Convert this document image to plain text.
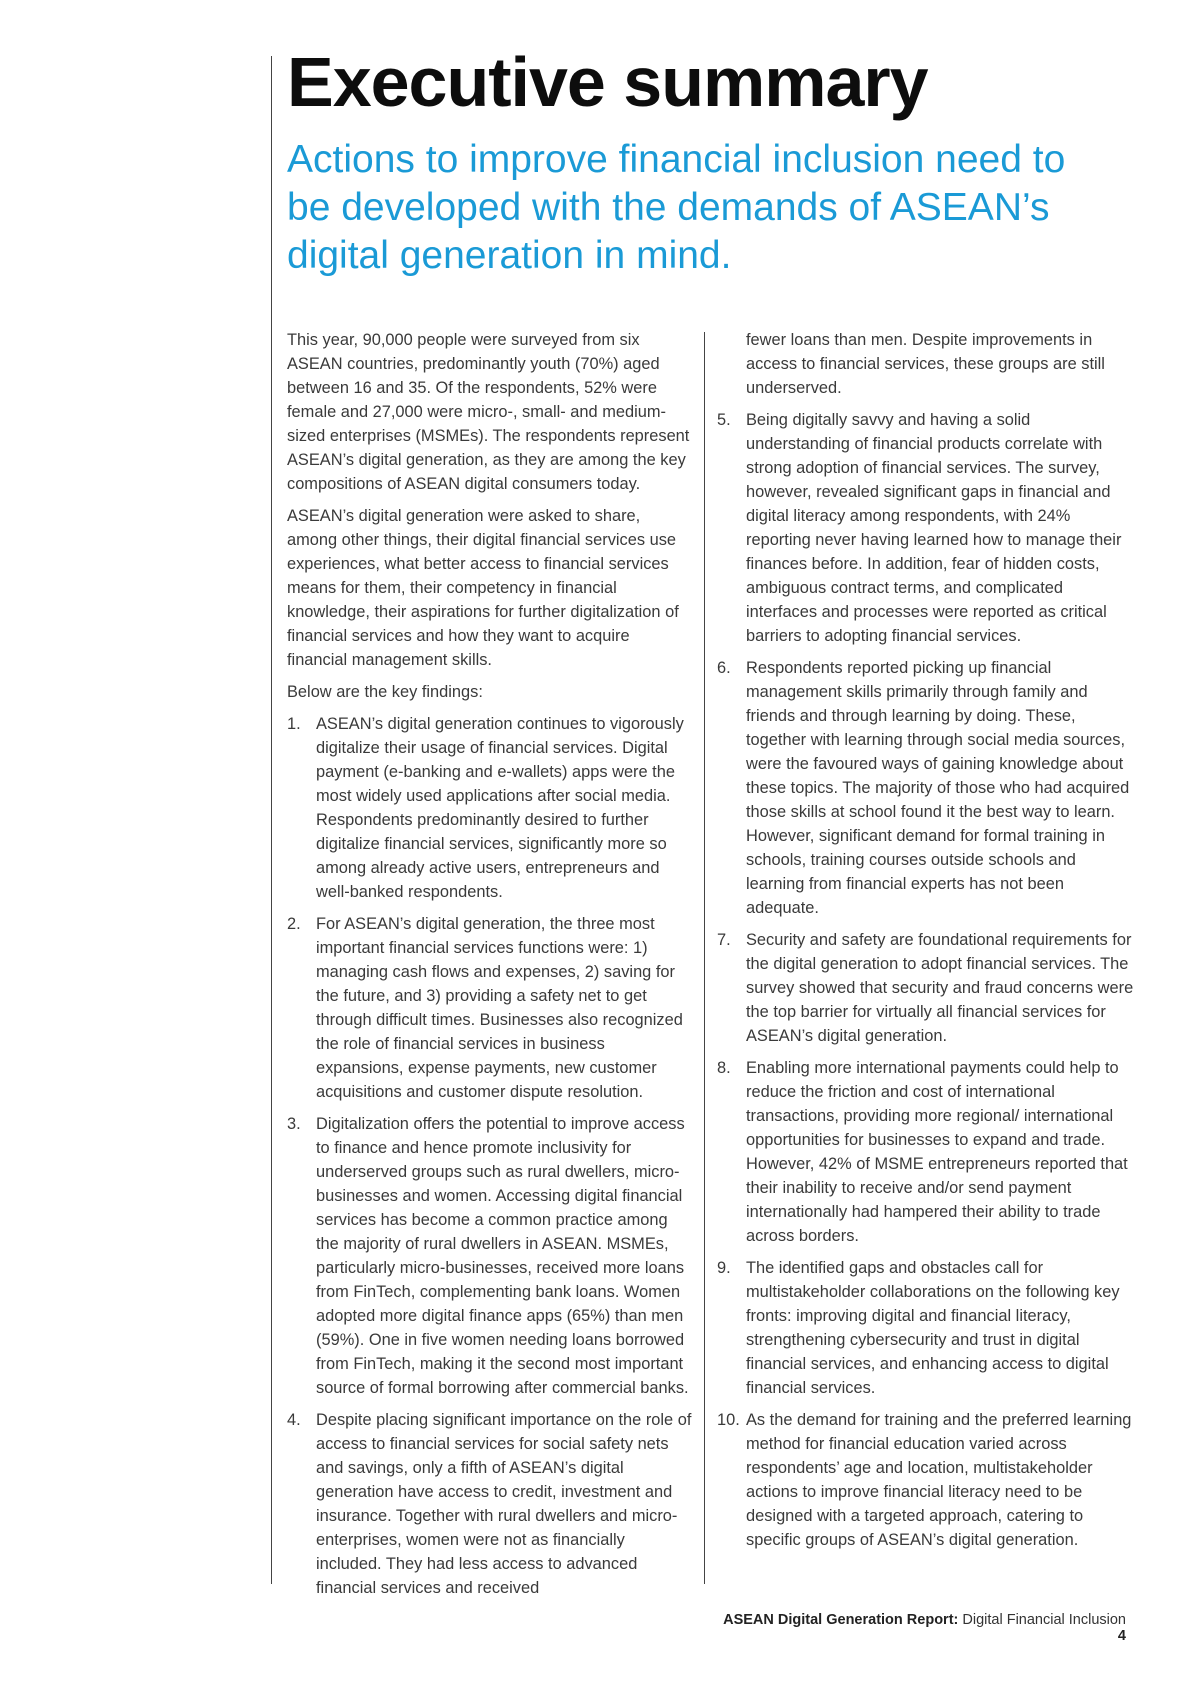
Executive summary
Actions to improve financial inclusion need to be developed with the demands of ASEAN’s digital generation in mind.

This year, 90,000 people were surveyed from six ASEAN countries, predominantly youth (70%) aged between 16 and 35. Of the respondents, 52% were female and 27,000 were micro-, small- and medium-sized enterprises (MSMEs). The respondents represent ASEAN’s digital generation, as they are among the key compositions of ASEAN digital consumers today.

ASEAN’s digital generation were asked to share, among other things, their digital financial services use experiences, what better access to financial services means for them, their competency in financial knowledge, their aspirations for further digitalization of financial services and how they want to acquire financial management skills.

Below are the key findings:

1. ASEAN’s digital generation continues to vigorously digitalize their usage of financial services. Digital payment (e-banking and e-wallets) apps were the most widely used applications after social media. Respondents predominantly desired to further digitalize financial services, significantly more so among already active users, entrepreneurs and well-banked respondents.
2. For ASEAN’s digital generation, the three most important financial services functions were: 1) managing cash flows and expenses, 2) saving for the future, and 3) providing a safety net to get through difficult times. Businesses also recognized the role of financial services in business expansions, expense payments, new customer acquisitions and customer dispute resolution.
3. Digitalization offers the potential to improve access to finance and hence promote inclusivity for underserved groups such as rural dwellers, micro-businesses and women. Accessing digital financial services has become a common practice among the majority of rural dwellers in ASEAN. MSMEs, particularly micro-businesses, received more loans from FinTech, complementing bank loans. Women adopted more digital finance apps (65%) than men (59%). One in five women needing loans borrowed from FinTech, making it the second most important source of formal borrowing after commercial banks.
4. Despite placing significant importance on the role of access to financial services for social safety nets and savings, only a fifth of ASEAN’s digital generation have access to credit, investment and insurance. Together with rural dwellers and micro-enterprises, women were not as financially included. They had less access to advanced financial services and received
fewer loans than men. Despite improvements in access to financial services, these groups are still underserved.
5. Being digitally savvy and having a solid understanding of financial products correlate with strong adoption of financial services. The survey, however, revealed significant gaps in financial and digital literacy among respondents, with 24% reporting never having learned how to manage their finances before. In addition, fear of hidden costs, ambiguous contract terms, and complicated interfaces and processes were reported as critical barriers to adopting financial services.
6. Respondents reported picking up financial management skills primarily through family and friends and through learning by doing. These, together with learning through social media sources, were the favoured ways of gaining knowledge about these topics. The majority of those who had acquired those skills at school found it the best way to learn. However, significant demand for formal training in schools, training courses outside schools and learning from financial experts has not been adequate.
7. Security and safety are foundational requirements for the digital generation to adopt financial services. The survey showed that security and fraud concerns were the top barrier for virtually all financial services for ASEAN’s digital generation.
8. Enabling more international payments could help to reduce the friction and cost of international transactions, providing more regional/ international opportunities for businesses to expand and trade. However, 42% of MSME entrepreneurs reported that their inability to receive and/or send payment internationally had hampered their ability to trade across borders.
9. The identified gaps and obstacles call for multistakeholder collaborations on the following key fronts: improving digital and financial literacy, strengthening cybersecurity and trust in digital financial services, and enhancing access to digital financial services.
10. As the demand for training and the preferred learning method for financial education varied across respondents’ age and location, multistakeholder actions to improve financial literacy need to be designed with a targeted approach, catering to specific groups of ASEAN’s digital generation.
ASEAN Digital Generation Report: Digital Financial Inclusion 4
